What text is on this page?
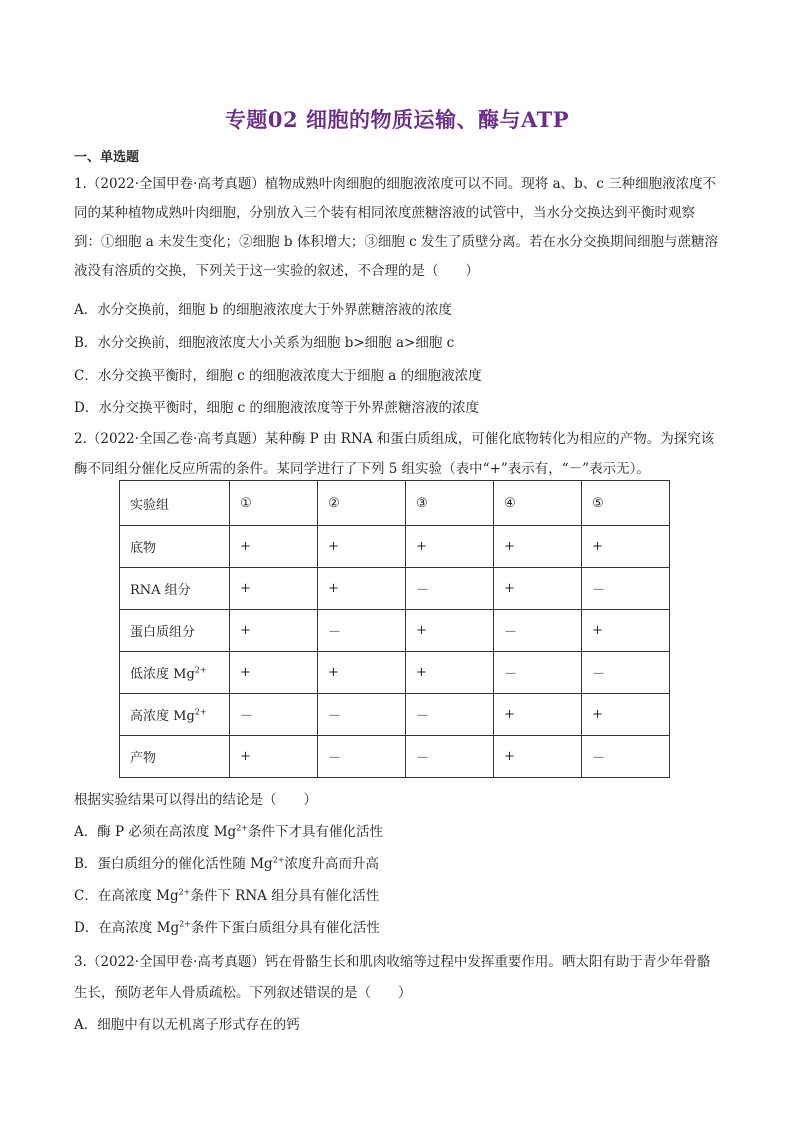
专题02 细胞的物质运输、酶与ATP
一、单选题
1.（2022·全国甲卷·高考真题）植物成熟叶肉细胞的细胞液浓度可以不同。现将 a、b、c 三种细胞液浓度不
同的某种植物成熟叶肉细胞，分别放入三个装有相同浓度蔗糖溶液的试管中，当水分交换达到平衡时观察
到：①细胞 a 未发生变化；②细胞 b 体积增大；③细胞 c 发生了质壁分离。若在水分交换期间细胞与蔗糖溶
液没有溶质的交换，下列关于这一实验的叙述，不合理的是（　　）
A．水分交换前，细胞 b 的细胞液浓度大于外界蔗糖溶液的浓度
B．水分交换前，细胞液浓度大小关系为细胞 b>细胞 a>细胞 c
C．水分交换平衡时，细胞 c 的细胞液浓度大于细胞 a 的细胞液浓度
D．水分交换平衡时，细胞 c 的细胞液浓度等于外界蔗糖溶液的浓度
2.（2022·全国乙卷·高考真题）某种酶 P 由 RNA 和蛋白质组成，可催化底物转化为相应的产物。为探究该
酶不同组分催化反应所需的条件。某同学进行了下列 5 组实验（表中“+”表示有，“－”表示无）。
实验组	①	②	③	④	⑤
底物	+	+	+	+	+
RNA 组分	+	+	－	+	－
蛋白质组分	+	－	+	－	+
低浓度 $Mg^{2+}$	+	+	+	－	－
高浓度 $Mg^{2+}$	－	－	－	+	+
产物	+	－	－	+	－
根据实验结果可以得出的结论是（　　）
A．酶 P 必须在高浓度 $Mg^{2+}$条件下才具有催化活性
B．蛋白质组分的催化活性随 $Mg^{2+}$浓度升高而升高
C．在高浓度 $Mg^{2+}$条件下 RNA 组分具有催化活性
D．在高浓度 $Mg^{2+}$条件下蛋白质组分具有催化活性
3.（2022·全国甲卷·高考真题）钙在骨骼生长和肌肉收缩等过程中发挥重要作用。晒太阳有助于青少年骨骼
生长，预防老年人骨质疏松。下列叙述错误的是（　　）
A．细胞中有以无机离子形式存在的钙
